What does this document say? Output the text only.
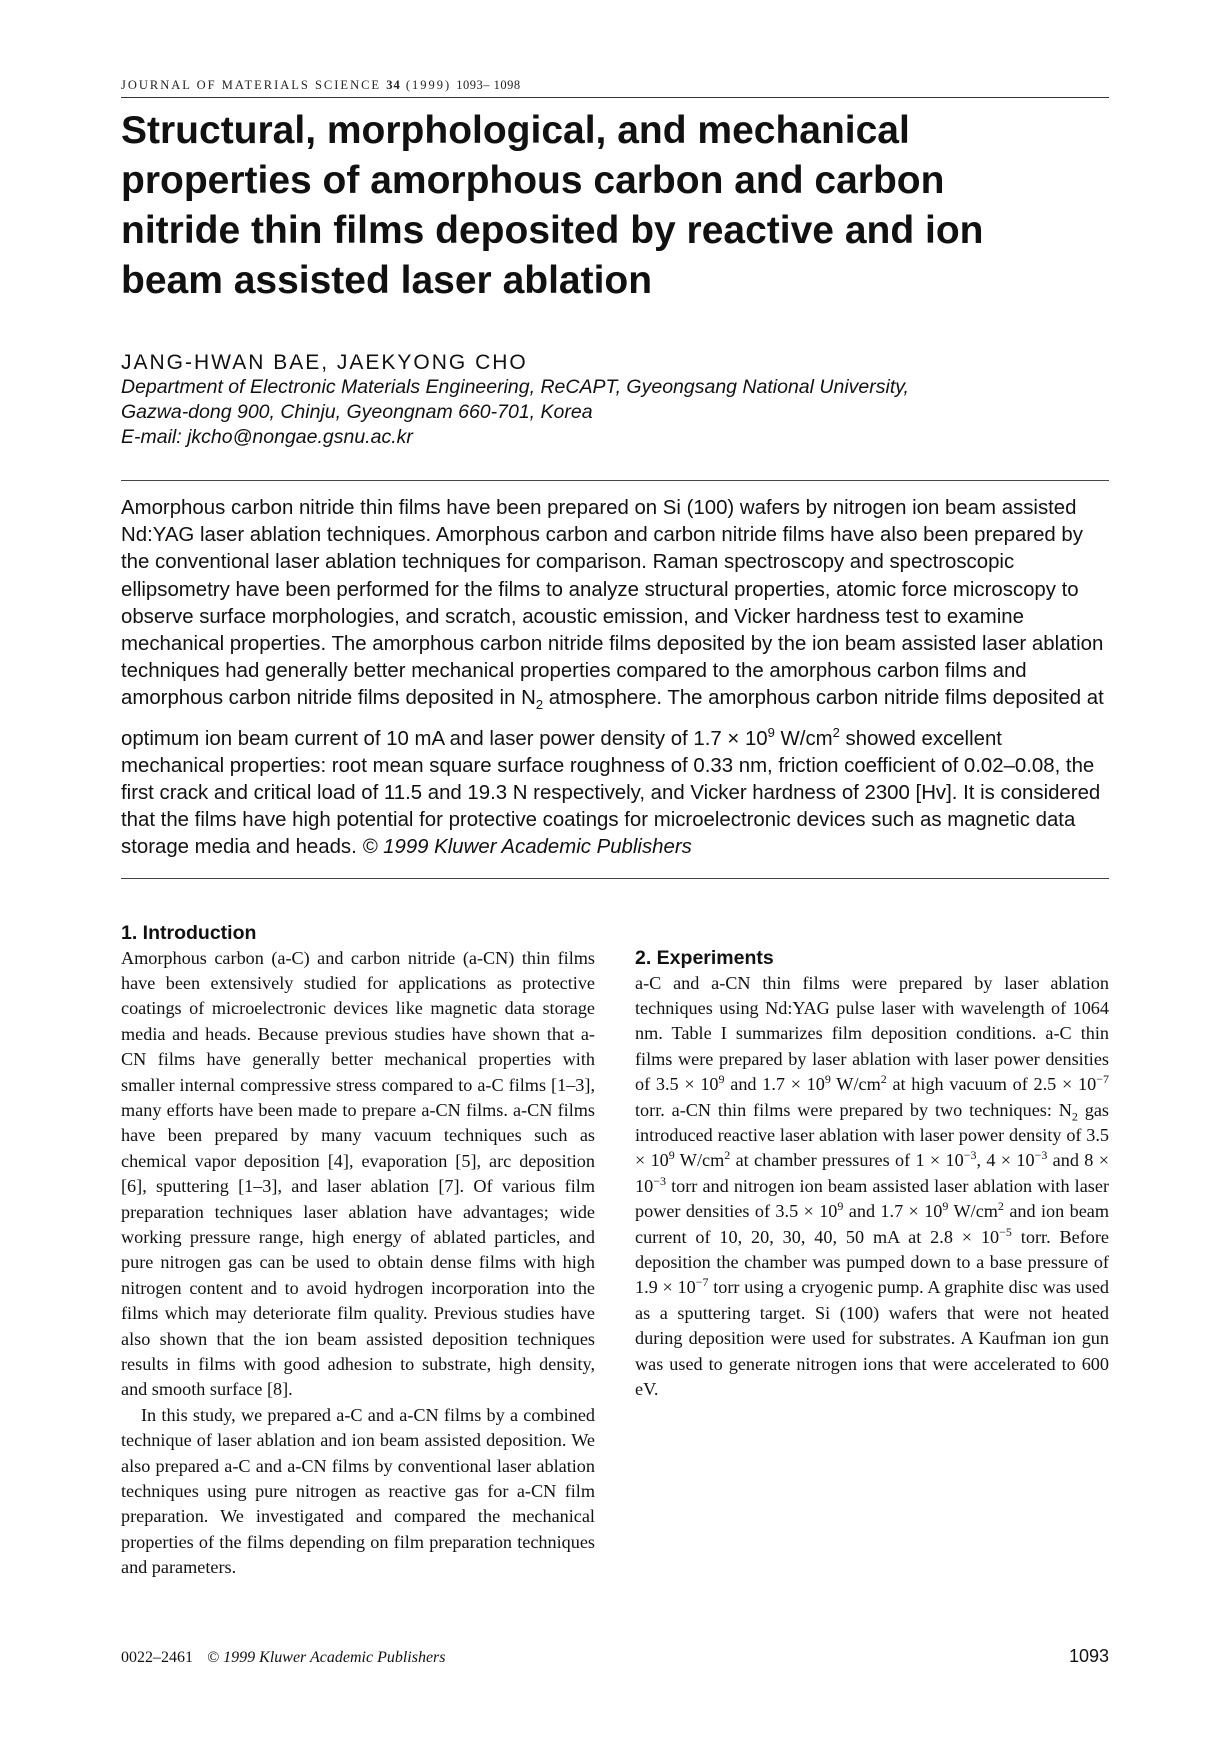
JOURNAL OF MATERIALS SCIENCE 34 (1999) 1093– 1098
Structural, morphological, and mechanical properties of amorphous carbon and carbon nitride thin films deposited by reactive and ion beam assisted laser ablation
JANG-HWAN BAE, JAEKYONG CHO
Department of Electronic Materials Engineering, ReCAPT, Gyeongsang National University,
Gazwa-dong 900, Chinju, Gyeongnam 660-701, Korea
E-mail: jkcho@nongae.gsnu.ac.kr
Amorphous carbon nitride thin films have been prepared on Si (100) wafers by nitrogen ion beam assisted Nd:YAG laser ablation techniques. Amorphous carbon and carbon nitride films have also been prepared by the conventional laser ablation techniques for comparison. Raman spectroscopy and spectroscopic ellipsometry have been performed for the films to analyze structural properties, atomic force microscopy to observe surface morphologies, and scratch, acoustic emission, and Vicker hardness test to examine mechanical properties. The amorphous carbon nitride films deposited by the ion beam assisted laser ablation techniques had generally better mechanical properties compared to the amorphous carbon films and amorphous carbon nitride films deposited in $N_2$ atmosphere. The amorphous carbon nitride films deposited at optimum ion beam current of 10 mA and laser power density of $1.7 \times 10^9$ $W/cm^2$ showed excellent mechanical properties: root mean square surface roughness of 0.33 nm, friction coefficient of 0.02–0.08, the first crack and critical load of 11.5 and 19.3 N respectively, and Vicker hardness of 2300 [Hv]. It is considered that the films have high potential for protective coatings for microelectronic devices such as magnetic data storage media and heads. © 1999 Kluwer Academic Publishers
1. Introduction

Amorphous carbon (a-C) and carbon nitride (a-CN) thin films have been extensively studied for applications as protective coatings of microelectronic devices like magnetic data storage media and heads. Because previous studies have shown that a-CN films have generally better mechanical properties with smaller internal compressive stress compared to a-C films [1–3], many efforts have been made to prepare a-CN films. a-CN films have been prepared by many vacuum techniques such as chemical vapor deposition [4], evaporation [5], arc deposition [6], sputtering [1–3], and laser ablation [7]. Of various film preparation techniques laser ablation have advantages; wide working pressure range, high energy of ablated particles, and pure nitrogen gas can be used to obtain dense films with high nitrogen content and to avoid hydrogen incorporation into the films which may deteriorate film quality. Previous studies have also shown that the ion beam assisted deposition techniques results in films with good adhesion to substrate, high density, and smooth surface [8].

In this study, we prepared a-C and a-CN films by a combined technique of laser ablation and ion beam assisted deposition. We also prepared a-C and a-CN films by conventional laser ablation techniques using pure nitrogen as reactive gas for a-CN film preparation. We investigated and compared the mechanical properties of the films depending on film preparation techniques and parameters.

2. Experiments

a-C and a-CN thin films were prepared by laser ablation techniques using Nd:YAG pulse laser with wavelength of 1064 nm. Table I summarizes film deposition conditions. a-C thin films were prepared by laser ablation with laser power densities of $3.5 \times 10^9$ and $1.7 \times 10^9$ $W/cm^2$ at high vacuum of $2.5 \times 10^{-7}$ torr. a-CN thin films were prepared by two techniques: $N_2$ gas introduced reactive laser ablation with laser power density of $3.5 \times 10^9$ $W/cm^2$ at chamber pressures of $1 \times 10^{-3}$, $4 \times 10^{-3}$ and $8 \times 10^{-3}$ torr and nitrogen ion beam assisted laser ablation with laser power densities of $3.5 \times 10^9$ and $1.7 \times 10^9$ $W/cm^2$ and ion beam current of 10, 20, 30, 40, 50 mA at $2.8 \times 10^{-5}$ torr. Before deposition the chamber was pumped down to a base pressure of $1.9 \times 10^{-7}$ torr using a cryogenic pump. A graphite disc was used as a sputtering target. Si (100) wafers that were not heated during deposition were used for substrates. A Kaufman ion gun was used to generate nitrogen ions that were accelerated to 600 eV.

0022–2461 © 1999 Kluwer Academic Publishers	1093
